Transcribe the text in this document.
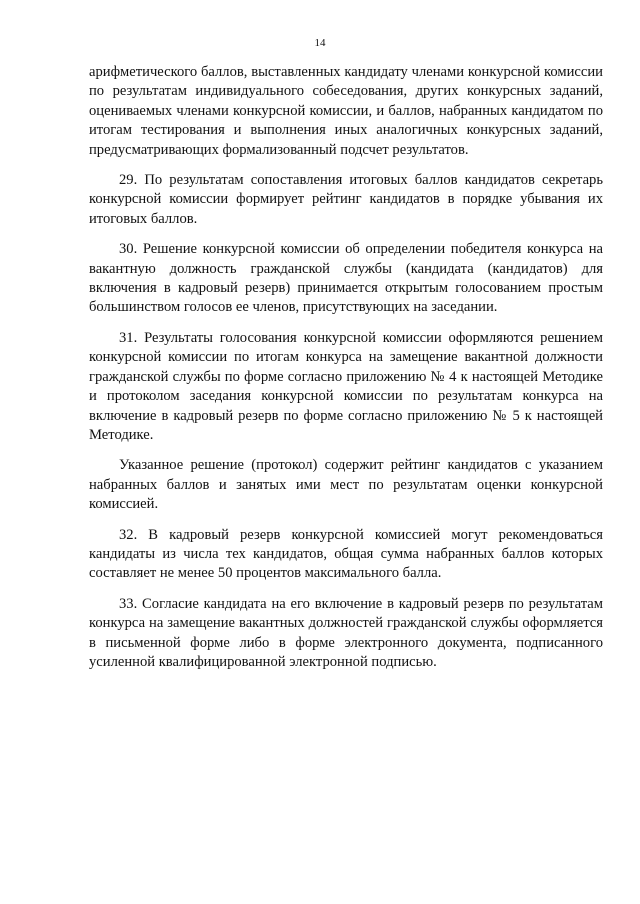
14

арифметического баллов, выставленных кандидату членами конкурсной комиссии по результатам индивидуального собеседования, других конкурсных заданий, оцениваемых членами конкурсной комиссии, и баллов, набранных кандидатом по итогам тестирования и выполнения иных аналогичных конкурсных заданий, предусматривающих формализованный подсчет результатов.

29. По результатам сопоставления итоговых баллов кандидатов секретарь конкурсной комиссии формирует рейтинг кандидатов в порядке убывания их итоговых баллов.

30. Решение конкурсной комиссии об определении победителя конкурса на вакантную должность гражданской службы (кандидата (кандидатов) для включения в кадровый резерв) принимается открытым голосованием простым большинством голосов ее членов, присутствующих на заседании.

31. Результаты голосования конкурсной комиссии оформляются решением конкурсной комиссии по итогам конкурса на замещение вакантной должности гражданской службы по форме согласно приложению № 4 к настоящей Методике и протоколом заседания конкурсной комиссии по результатам конкурса на включение в кадровый резерв по форме согласно приложению № 5 к настоящей Методике.

Указанное решение (протокол) содержит рейтинг кандидатов с указанием набранных баллов и занятых ими мест по результатам оценки конкурсной комиссией.

32. В кадровый резерв конкурсной комиссией могут рекомендоваться кандидаты из числа тех кандидатов, общая сумма набранных баллов которых составляет не менее 50 процентов максимального балла.

33. Согласие кандидата на его включение в кадровый резерв по результатам конкурса на замещение вакантных должностей гражданской службы оформляется в письменной форме либо в форме электронного документа, подписанного усиленной квалифицированной электронной подписью.
